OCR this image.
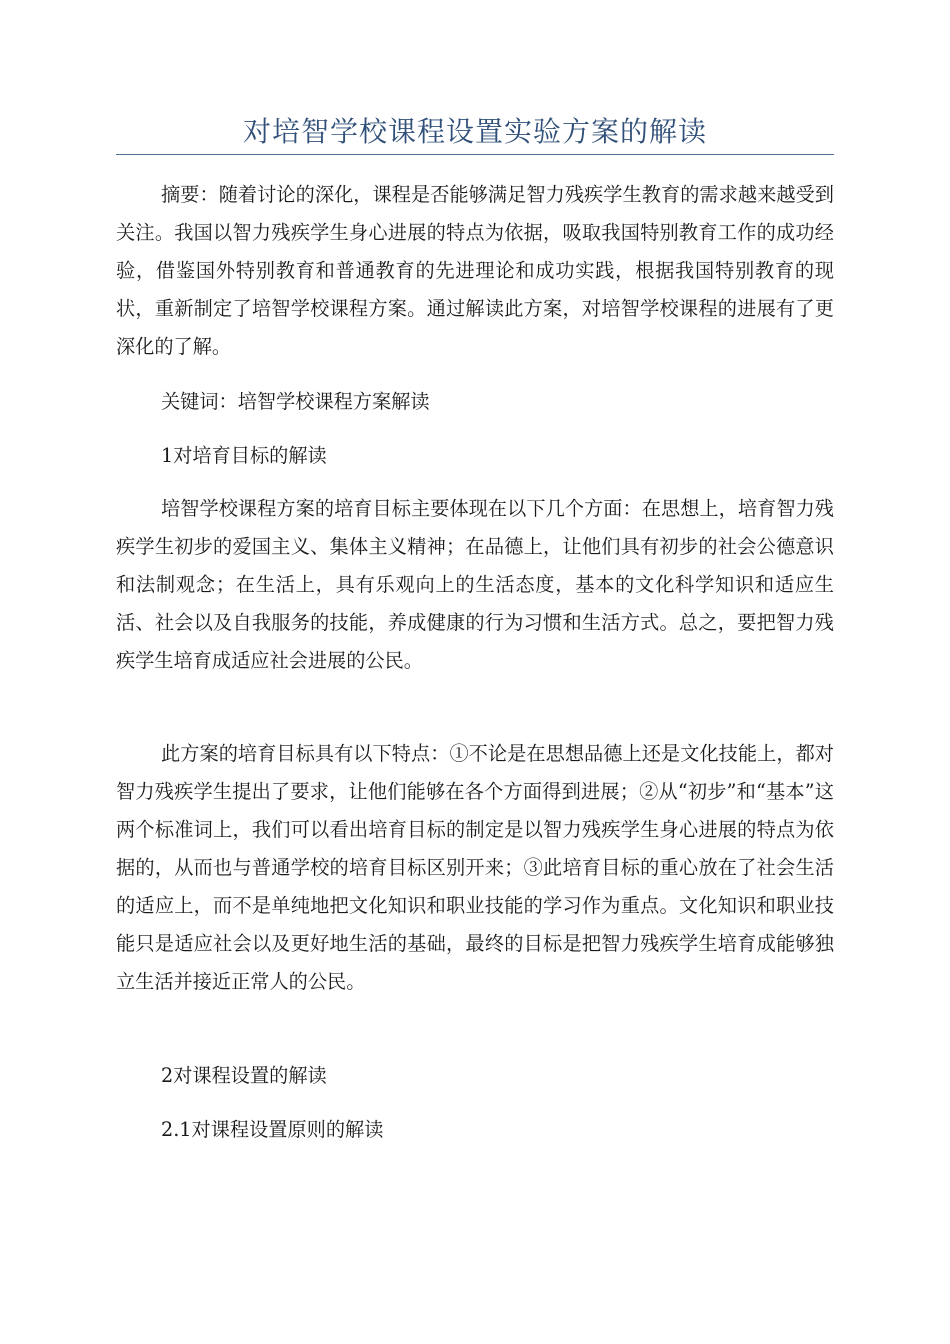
对培智学校课程设置实验方案的解读

摘要：随着讨论的深化，课程是否能够满足智力残疾学生教育的需求越来越受到关注。我国以智力残疾学生身心进展的特点为依据，吸取我国特别教育工作的成功经验，借鉴国外特别教育和普通教育的先进理论和成功实践，根据我国特别教育的现状，重新制定了培智学校课程方案。通过解读此方案，对培智学校课程的进展有了更深化的了解。

关键词：培智学校课程方案解读

1对培育目标的解读

培智学校课程方案的培育目标主要体现在以下几个方面：在思想上，培育智力残疾学生初步的爱国主义、集体主义精神；在品德上，让他们具有初步的社会公德意识和法制观念；在生活上，具有乐观向上的生活态度，基本的文化科学知识和适应生活、社会以及自我服务的技能，养成健康的行为习惯和生活方式。总之，要把智力残疾学生培育成适应社会进展的公民。

此方案的培育目标具有以下特点：①不论是在思想品德上还是文化技能上，都对智力残疾学生提出了要求，让他们能够在各个方面得到进展；②从“初步”和“基本”这两个标准词上，我们可以看出培育目标的制定是以智力残疾学生身心进展的特点为依据的，从而也与普通学校的培育目标区别开来；③此培育目标的重心放在了社会生活的适应上，而不是单纯地把文化知识和职业技能的学习作为重点。文化知识和职业技能只是适应社会以及更好地生活的基础，最终的目标是把智力残疾学生培育成能够独立生活并接近正常人的公民。

2对课程设置的解读

2.1对课程设置原则的解读
